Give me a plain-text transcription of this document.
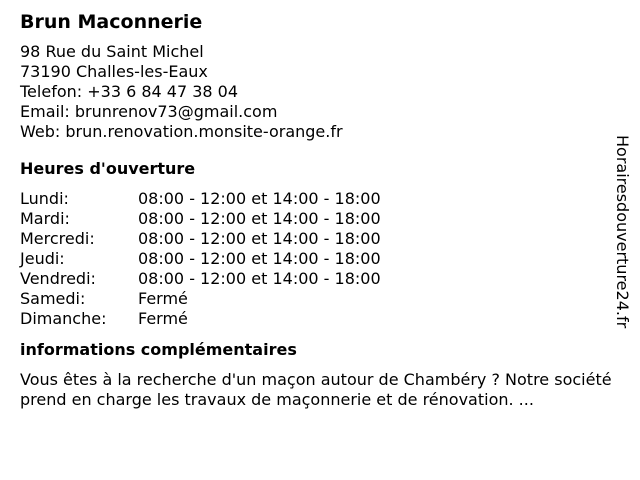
Brun Maconnerie
98 Rue du Saint Michel
73190 Challes-les-Eaux
Telefon: +33 6 84 47 38 04
Email: brunrenov73@gmail.com
Web: brun.renovation.monsite-orange.fr
Heures d'ouverture
Lundi:	08:00 - 12:00 et 14:00 - 18:00
Mardi:	08:00 - 12:00 et 14:00 - 18:00
Mercredi:	08:00 - 12:00 et 14:00 - 18:00
Jeudi:	08:00 - 12:00 et 14:00 - 18:00
Vendredi:	08:00 - 12:00 et 14:00 - 18:00
Samedi:	Fermé
Dimanche:	Fermé
informations complémentaires
Vous êtes à la recherche d'un maçon autour de Chambéry ? Notre société prend en charge les travaux de maçonnerie et de rénovation. ...
Horairesdouverture24.fr
